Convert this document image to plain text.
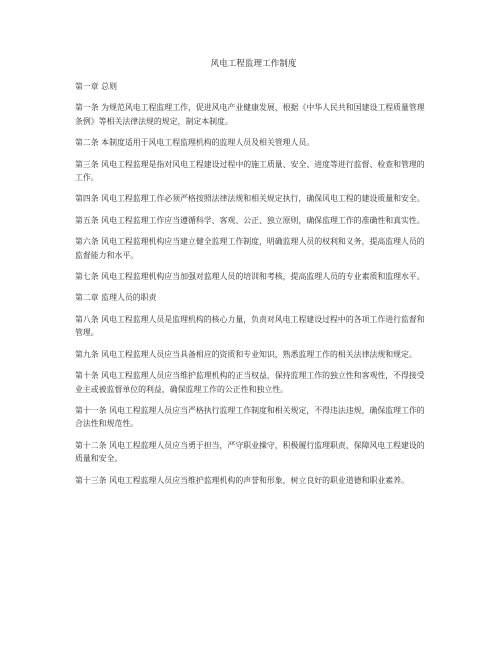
风电工程监理工作制度
第一章 总则
第一条 为规范风电工程监理工作，促进风电产业健康发展，根据《中华人民共和国建设工程质量管理条例》等相关法律法规的规定，制定本制度。
第二条 本制度适用于风电工程监理机构的监理人员及相关管理人员。
第三条 风电工程监理是指对风电工程建设过程中的施工质量、安全、进度等进行监督、检查和管理的工作。
第四条 风电工程监理工作必须严格按照法律法规和相关规定执行，确保风电工程的建设质量和安全。
第五条 风电工程监理工作应当遵循科学、客观、公正、独立原则，确保监理工作的准确性和真实性。
第六条 风电工程监理机构应当建立健全监理工作制度，明确监理人员的权利和义务，提高监理人员的监督能力和水平。
第七条 风电工程监理机构应当加强对监理人员的培训和考核，提高监理人员的专业素质和监理水平。
第二章 监理人员的职责
第八条 风电工程监理人员是监理机构的核心力量，负责对风电工程建设过程中的各项工作进行监督和管理。
第九条 风电工程监理人员应当具备相应的资质和专业知识，熟悉监理工作的相关法律法规和规定。
第十条 风电工程监理人员应当维护监理机构的正当权益，保持监理工作的独立性和客观性，不得接受业主或被监督单位的利益，确保监理工作的公正性和独立性。
第十一条 风电工程监理人员应当严格执行监理工作制度和相关规定，不得违法违规，确保监理工作的合法性和规范性。
第十二条 风电工程监理人员应当勇于担当，严守职业操守，积极履行监理职责，保障风电工程建设的质量和安全。
第十三条 风电工程监理人员应当维护监理机构的声誉和形象，树立良好的职业道德和职业素养。
